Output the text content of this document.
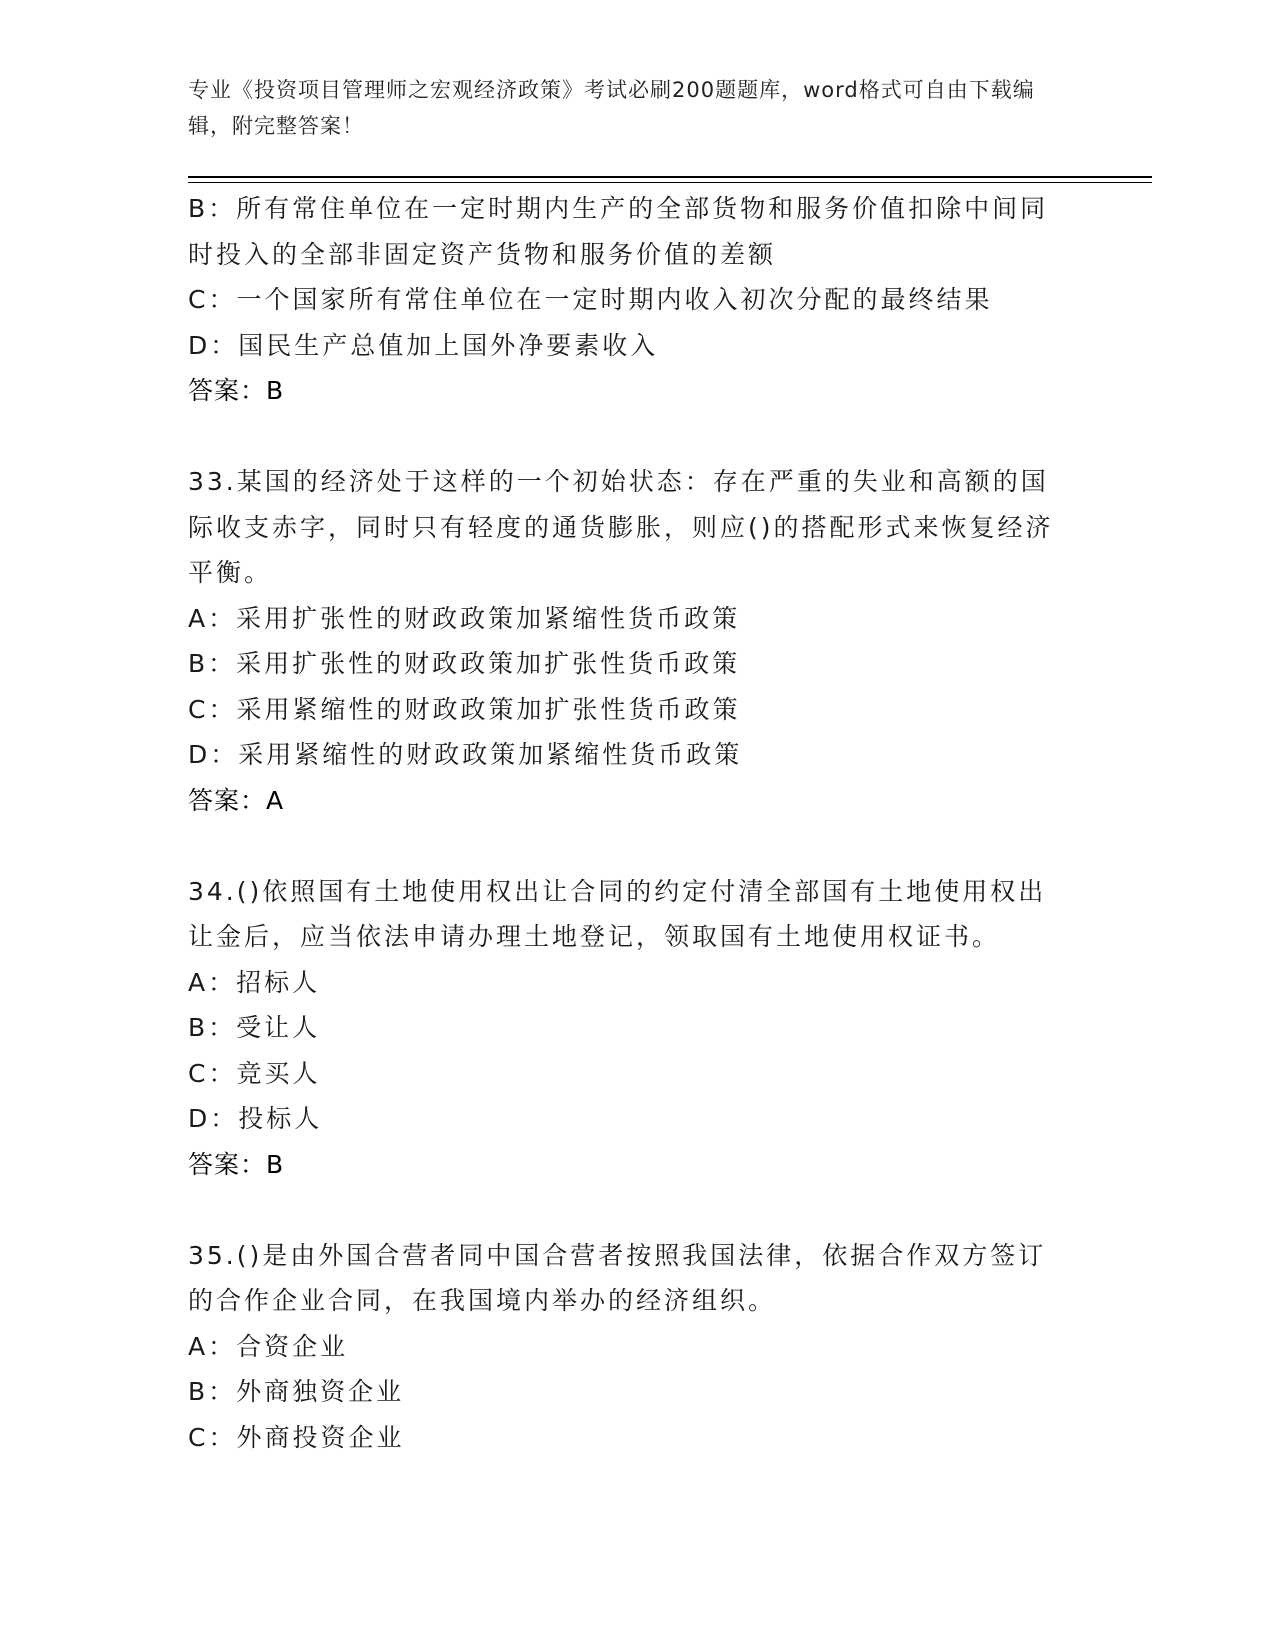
专业《投资项目管理师之宏观经济政策》考试必刷200题题库，word格式可自由下载编辑，附完整答案！
B：所有常住单位在一定时期内生产的全部货物和服务价值扣除中间同时投入的全部非固定资产货物和服务价值的差额
C：一个国家所有常住单位在一定时期内收入初次分配的最终结果
D：国民生产总值加上国外净要素收入
答案：B
33.某国的经济处于这样的一个初始状态：存在严重的失业和高额的国际收支赤字，同时只有轻度的通货膨胀，则应()的搭配形式来恢复经济平衡。
A：采用扩张性的财政政策加紧缩性货币政策
B：采用扩张性的财政政策加扩张性货币政策
C：采用紧缩性的财政政策加扩张性货币政策
D：采用紧缩性的财政政策加紧缩性货币政策
答案：A
34.()依照国有土地使用权出让合同的约定付清全部国有土地使用权出让金后，应当依法申请办理土地登记，领取国有土地使用权证书。
A：招标人
B：受让人
C：竞买人
D：投标人
答案：B
35.()是由外国合营者同中国合营者按照我国法律，依据合作双方签订的合作企业合同，在我国境内举办的经济组织。
A：合资企业
B：外商独资企业
C：外商投资企业
